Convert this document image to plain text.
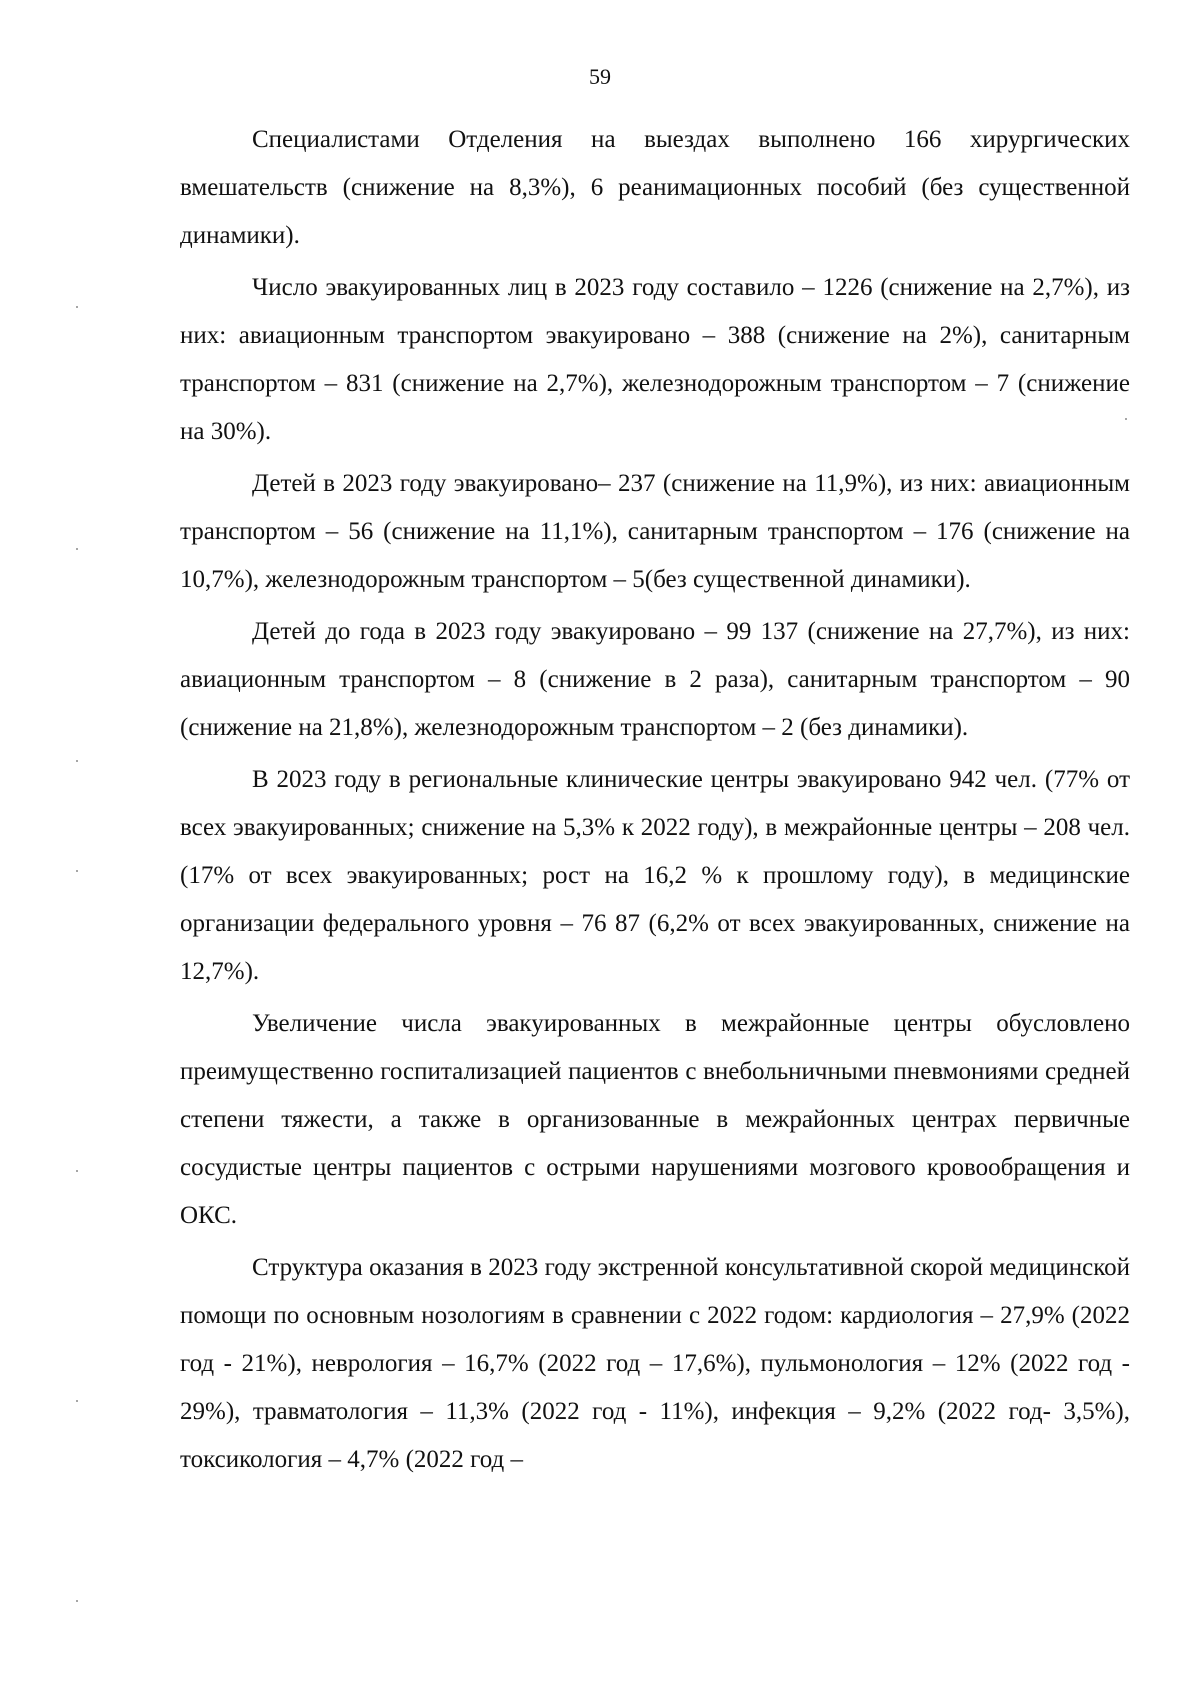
59

Специалистами Отделения на выездах выполнено 166 хирургических вмешательств (снижение на 8,3%), 6 реанимационных пособий (без существенной динамики).

Число эвакуированных лиц в 2023 году составило – 1226 (снижение на 2,7%), из них: авиационным транспортом эвакуировано – 388 (снижение на 2%), санитарным транспортом – 831 (снижение на 2,7%), железнодорожным транспортом – 7 (снижение на 30%).

Детей в 2023 году эвакуировано– 237 (снижение на 11,9%), из них: авиационным транспортом – 56 (снижение на 11,1%), санитарным транспортом – 176 (снижение на 10,7%), железнодорожным транспортом – 5(без существенной динамики).

Детей до года в 2023 году эвакуировано – 99 137 (снижение на 27,7%), из них: авиационным транспортом – 8 (снижение в 2 раза), санитарным транспортом – 90 (снижение на 21,8%), железнодорожным транспортом – 2 (без динамики).

В 2023 году в региональные клинические центры эвакуировано 942 чел. (77% от всех эвакуированных; снижение на 5,3% к 2022 году), в межрайонные центры – 208 чел. (17% от всех эвакуированных; рост на 16,2 % к прошлому году), в медицинские организации федерального уровня – 76 87 (6,2% от всех эвакуированных, снижение на 12,7%).

Увеличение числа эвакуированных в межрайонные центры обусловлено преимущественно госпитализацией пациентов с внебольничными пневмониями средней степени тяжести, а также в организованные в межрайонных центрах первичные сосудистые центры пациентов с острыми нарушениями мозгового кровообращения и ОКС.

Структура оказания в 2023 году экстренной консультативной скорой медицинской помощи по основным нозологиям в сравнении с 2022 годом: кардиология – 27,9% (2022 год - 21%), неврология – 16,7% (2022 год – 17,6%), пульмонология – 12% (2022 год - 29%), травматология – 11,3% (2022 год - 11%), инфекция – 9,2% (2022 год- 3,5%), токсикология – 4,7% (2022 год –
